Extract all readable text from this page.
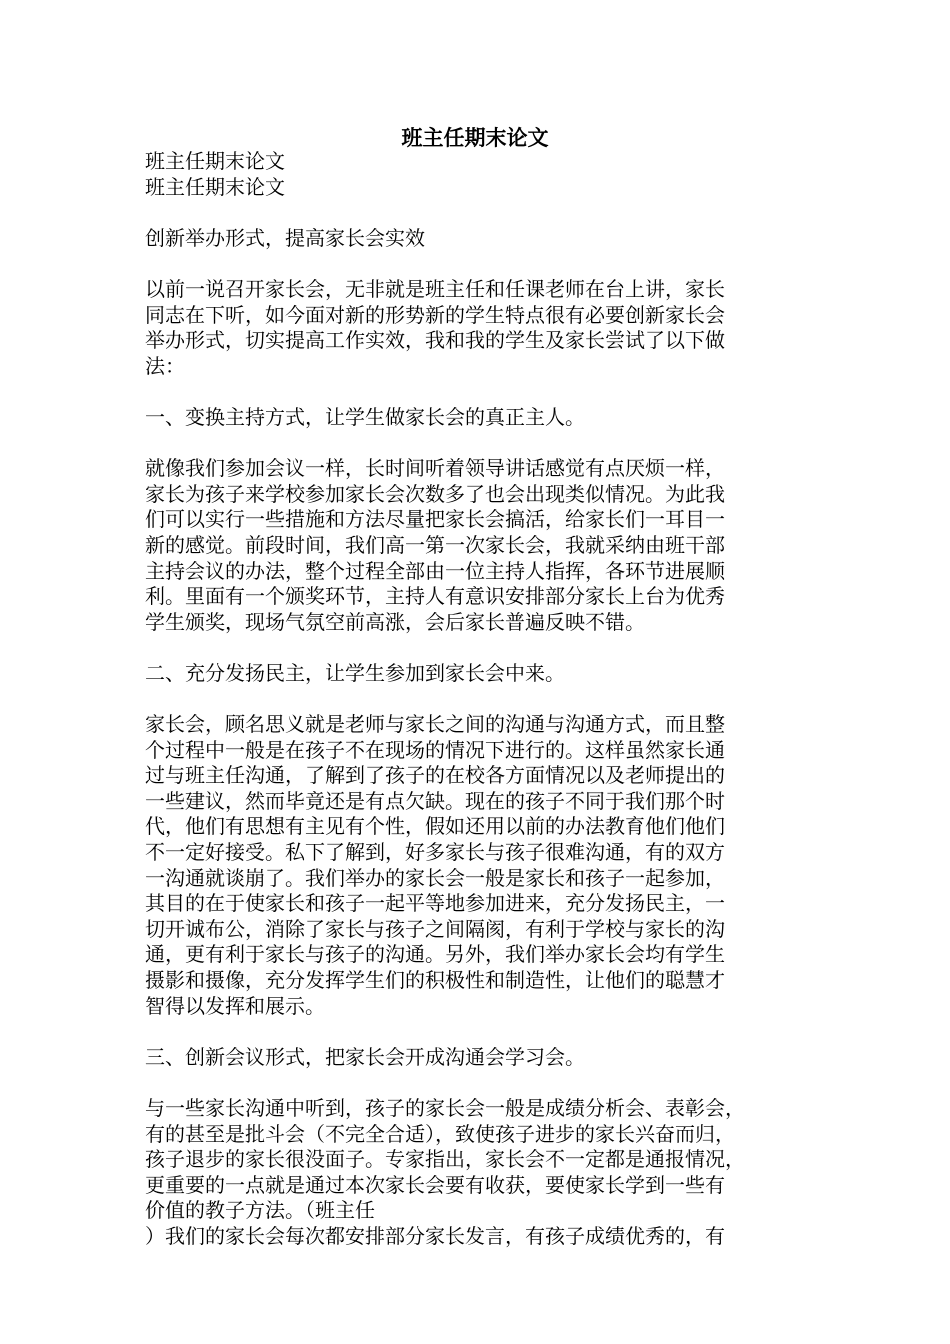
班主任期末论文
班主任期末论文
班主任期末论文
创新举办形式，提高家长会实效
以前一说召开家长会，无非就是班主任和任课老师在台上讲，家长
同志在下听，如今面对新的形势新的学生特点很有必要创新家长会
举办形式，切实提高工作实效，我和我的学生及家长尝试了以下做
法：
一、变换主持方式，让学生做家长会的真正主人。
就像我们参加会议一样，长时间听着领导讲话感觉有点厌烦一样，
家长为孩子来学校参加家长会次数多了也会出现类似情况。为此我
们可以实行一些措施和方法尽量把家长会搞活，给家长们一耳目一
新的感觉。前段时间，我们高一第一次家长会，我就采纳由班干部
主持会议的办法，整个过程全部由一位主持人指挥，各环节进展顺
利。里面有一个颁奖环节，主持人有意识安排部分家长上台为优秀
学生颁奖，现场气氛空前高涨，会后家长普遍反映不错。
二、充分发扬民主，让学生参加到家长会中来。
家长会，顾名思义就是老师与家长之间的沟通与沟通方式，而且整
个过程中一般是在孩子不在现场的情况下进行的。这样虽然家长通
过与班主任沟通，了解到了孩子的在校各方面情况以及老师提出的
一些建议，然而毕竟还是有点欠缺。现在的孩子不同于我们那个时
代，他们有思想有主见有个性，假如还用以前的办法教育他们他们
不一定好接受。私下了解到，好多家长与孩子很难沟通，有的双方
一沟通就谈崩了。我们举办的家长会一般是家长和孩子一起参加，
其目的在于使家长和孩子一起平等地参加进来，充分发扬民主，一
切开诚布公，消除了家长与孩子之间隔阂，有利于学校与家长的沟
通，更有利于家长与孩子的沟通。另外，我们举办家长会均有学生
摄影和摄像，充分发挥学生们的积极性和制造性，让他们的聪慧才
智得以发挥和展示。
三、创新会议形式，把家长会开成沟通会学习会。
与一些家长沟通中听到，孩子的家长会一般是成绩分析会、表彰会，
有的甚至是批斗会（不完全合适），致使孩子进步的家长兴奋而归，
孩子退步的家长很没面子。专家指出，家长会不一定都是通报情况，
更重要的一点就是通过本次家长会要有收获，要使家长学到一些有
价值的教子方法。（班主任
）我们的家长会每次都安排部分家长发言，有孩子成绩优秀的，有
